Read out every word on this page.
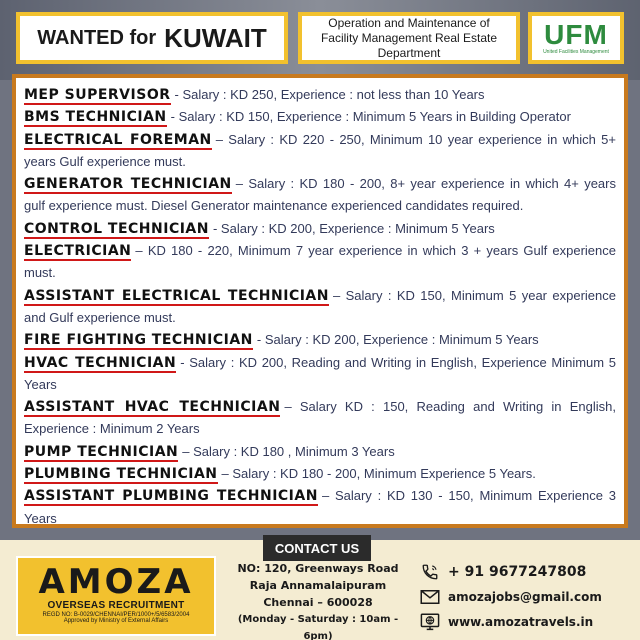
WANTED for KUWAIT	Operation and Maintenance of
Facility Management Real Estate
Department
UFM
United Facilities Management

MEP SUPERVISOR - Salary : KD 250, Experience : not less than 10 Years

BMS TECHNICIAN - Salary : KD 150, Experience : Minimum 5 Years in Building Operator

ELECTRICAL FOREMAN – Salary : KD 220 - 250, Minimum 10 year experience in which 5+ years Gulf experience must.

GENERATOR TECHNICIAN – Salary : KD 180 - 200, 8+ year experience in which 4+ years gulf experience must. Diesel Generator maintenance experienced candidates required.

CONTROL TECHNICIAN - Salary : KD 200, Experience : Minimum 5 Years

ELECTRICIAN – KD 180 - 220, Minimum 7 year experience in which 3 + years Gulf experience must.

ASSISTANT ELECTRICAL TECHNICIAN – Salary : KD 150, Minimum 5 year experience and Gulf experience must.

FIRE FIGHTING TECHNICIAN - Salary : KD 200, Experience : Minimum 5 Years

HVAC TECHNICIAN - Salary : KD 200, Reading and Writing in English, Experience Minimum 5 Years

ASSISTANT HVAC TECHNICIAN – Salary KD : 150, Reading and Writing in English, Experience : Minimum 2 Years

PUMP TECHNICIAN – Salary : KD 180 , Minimum 3 Years

PLUMBING TECHNICIAN – Salary : KD 180 - 200, Minimum Experience 5 Years.

ASSISTANT PLUMBING TECHNICIAN – Salary : KD 130 - 150, Minimum Experience 3 Years

CONTACT US
AMOZA
OVERSEAS RECRUITMENT
REGD NO: B-0029/CHENNAI/PER/1000+/5/6583/2004
Approved by Ministry of External Affairs
NO: 120, Greenways Road
Raja Annamalaipuram
Chennai – 600028
(Monday - Saturday : 10am - 6pm)
+ 91 9677247808
amozajobs@gmail.com
www.amozatravels.in
